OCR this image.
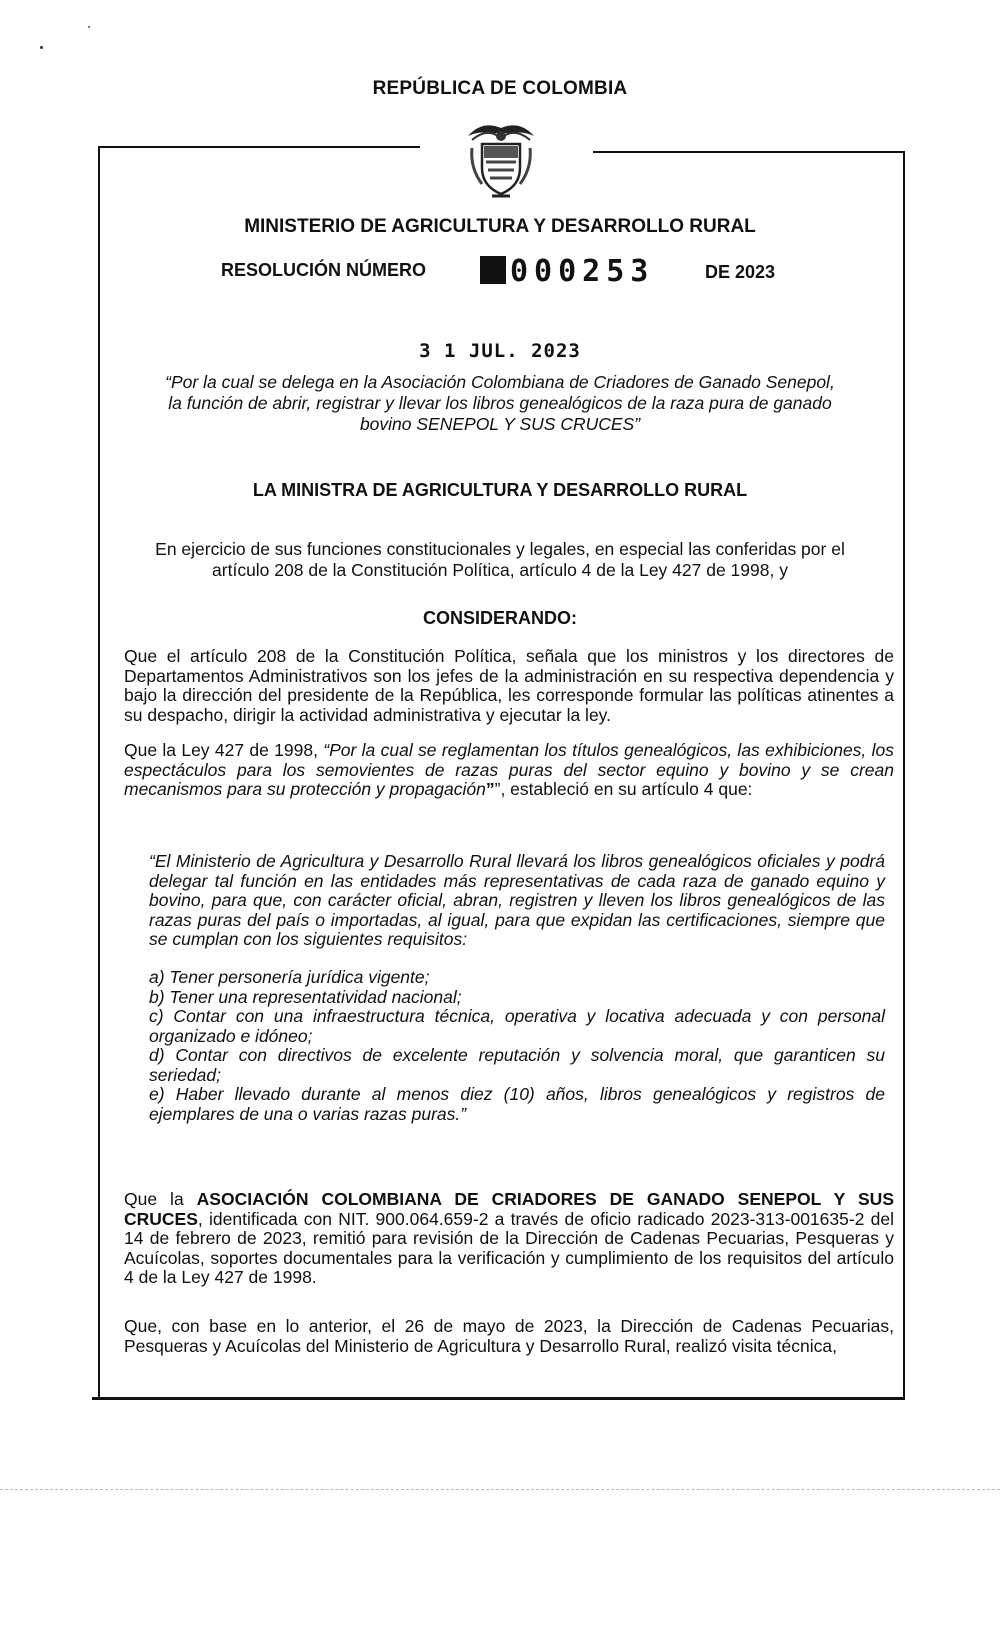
REPÚBLICA DE COLOMBIA
MINISTERIO DE AGRICULTURA Y DESARROLLO RURAL
RESOLUCIÓN NÚMERO	000253	DE 2023
3 1 JUL. 2023
“Por la cual se delega en la Asociación Colombiana de Criadores de Ganado Senepol, la función de abrir, registrar y llevar los libros genealógicos de la raza pura de ganado bovino SENEPOL Y SUS CRUCES”
LA MINISTRA DE AGRICULTURA Y DESARROLLO RURAL
En ejercicio de sus funciones constitucionales y legales, en especial las conferidas por el artículo 208 de la Constitución Política, artículo 4 de la Ley 427 de 1998, y
CONSIDERANDO:
Que el artículo 208 de la Constitución Política, señala que los ministros y los directores de Departamentos Administrativos son los jefes de la administración en su respectiva dependencia y bajo la dirección del presidente de la República, les corresponde formular las políticas atinentes a su despacho, dirigir la actividad administrativa y ejecutar la ley.
Que la Ley 427 de 1998, “Por la cual se reglamentan los títulos genealógicos, las exhibiciones, los espectáculos para los semovientes de razas puras del sector equino y bovino y se crean mecanismos para su protección y propagación””, estableció en su artículo 4 que:
“El Ministerio de Agricultura y Desarrollo Rural llevará los libros genealógicos oficiales y podrá delegar tal función en las entidades más representativas de cada raza de ganado equino y bovino, para que, con carácter oficial, abran, registren y lleven los libros genealógicos de las razas puras del país o importadas, al igual, para que expidan las certificaciones, siempre que se cumplan con los siguientes requisitos:
a) Tener personería jurídica vigente;
b) Tener una representatividad nacional;
c) Contar con una infraestructura técnica, operativa y locativa adecuada y con personal organizado e idóneo;
d) Contar con directivos de excelente reputación y solvencia moral, que garanticen su seriedad;
e) Haber llevado durante al menos diez (10) años, libros genealógicos y registros de ejemplares de una o varias razas puras.”
Que la ASOCIACIÓN COLOMBIANA DE CRIADORES DE GANADO SENEPOL Y SUS CRUCES, identificada con NIT. 900.064.659-2 a través de oficio radicado 2023-313-001635-2 del 14 de febrero de 2023, remitió para revisión de la Dirección de Cadenas Pecuarias, Pesqueras y Acuícolas, soportes documentales para la verificación y cumplimiento de los requisitos del artículo 4 de la Ley 427 de 1998.
Que, con base en lo anterior, el 26 de mayo de 2023, la Dirección de Cadenas Pecuarias, Pesqueras y Acuícolas del Ministerio de Agricultura y Desarrollo Rural, realizó visita técnica,
